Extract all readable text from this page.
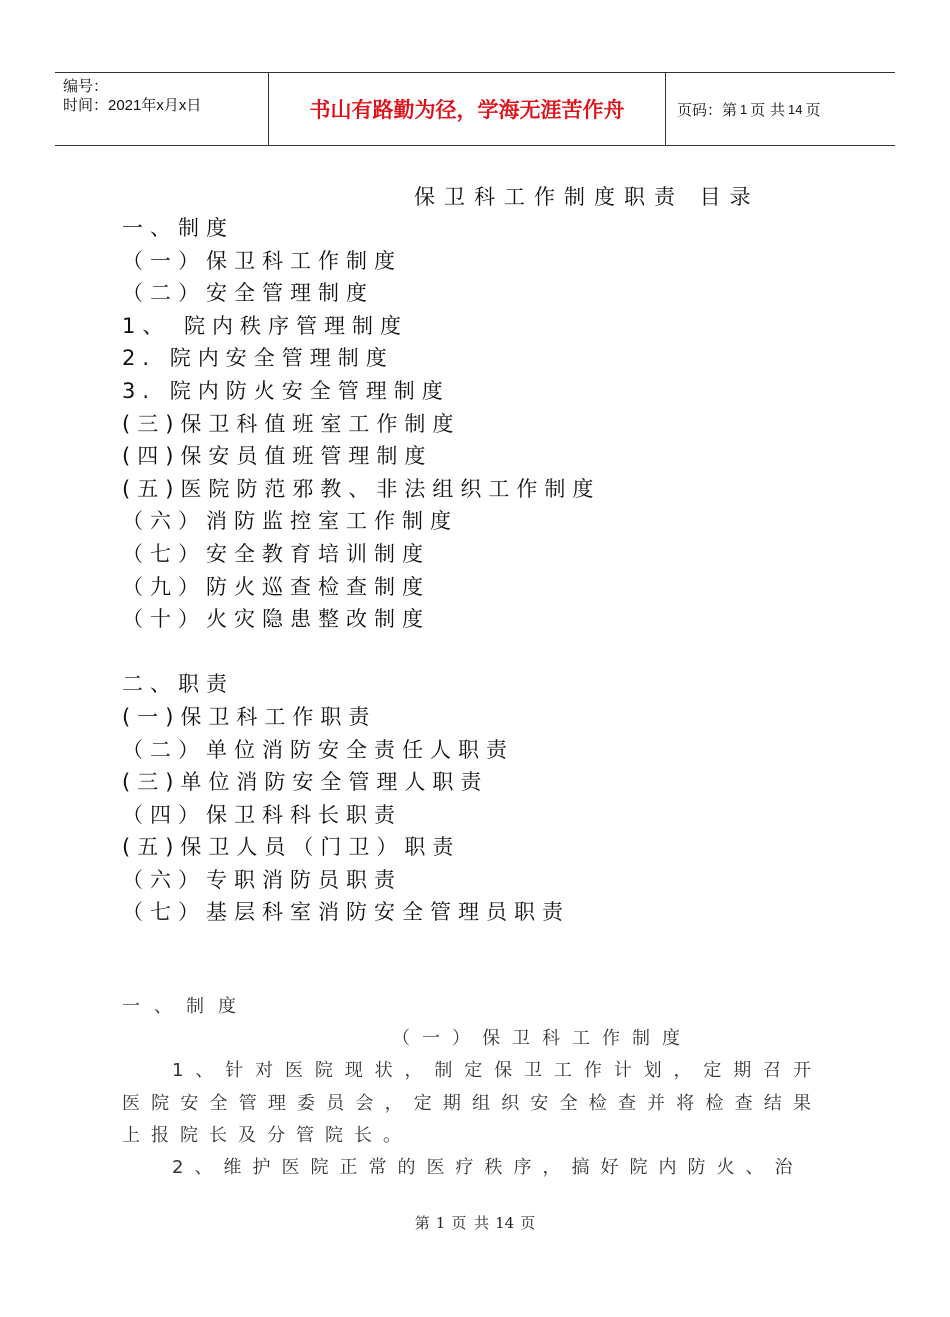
编号：
时间：2021年x月x日	书山有路勤为径，学海无涯苦作舟	页码：第 1 页 共 14 页
保卫科工作制度职责 目录
一、制度
（一）保卫科工作制度
（二）安全管理制度
1、 院内秩序管理制度
2. 院内安全管理制度
3. 院内防火安全管理制度
(三)保卫科值班室工作制度
(四)保安员值班管理制度
(五)医院防范邪教、非法组织工作制度
（六）消防监控室工作制度
（七）安全教育培训制度
（九）防火巡查检查制度
（十）火灾隐患整改制度
二、职责
(一)保卫科工作职责
（二）单位消防安全责任人职责
(三)单位消防安全管理人职责
（四）保卫科科长职责
(五)保卫人员（门卫）职责
（六）专职消防员职责
（七）基层科室消防安全管理员职责
一、制度
（一）保卫科工作制度

1、针对医院现状，制定保卫工作计划，定期召开医院安全管理委员会，定期组织安全检查并将检查结果上报院长及分管院长。

2、维护医院正常的医疗秩序，搞好院内防火、治

第 1 页 共 14 页
